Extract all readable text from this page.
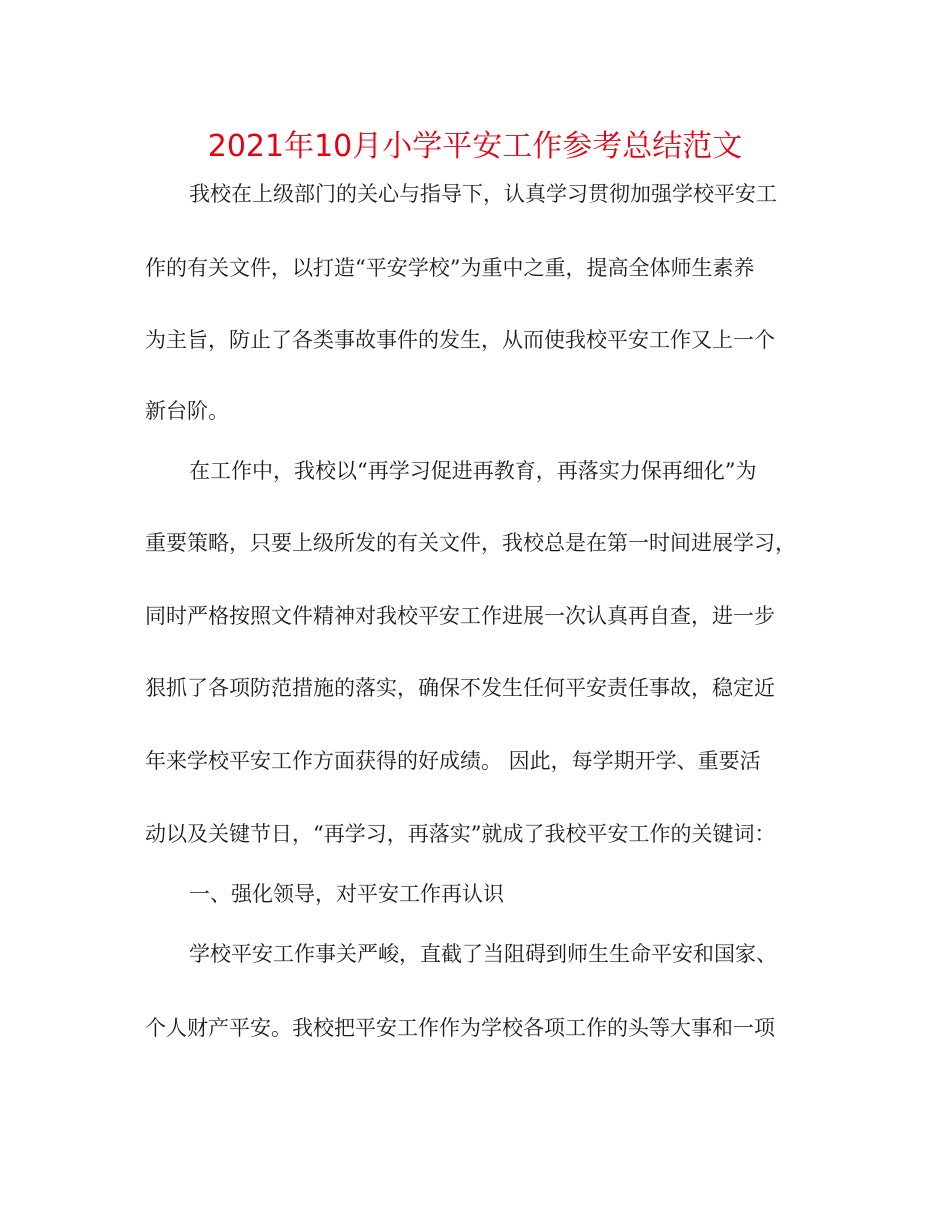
2021年10月小学平安工作参考总结范文
我校在上级部门的关心与指导下，认真学习贯彻加强学校平安工
作的有关文件，以打造“平安学校”为重中之重，提高全体师生素养
为主旨，防止了各类事故事件的发生，从而使我校平安工作又上一个
新台阶。
在工作中，我校以“再学习促进再教育，再落实力保再细化”为
重要策略，只要上级所发的有关文件，我校总是在第一时间进展学习，
同时严格按照文件精神对我校平安工作进展一次认真再自查，进一步
狠抓了各项防范措施的落实，确保不发生任何平安责任事故，稳定近
年来学校平安工作方面获得的好成绩。 因此，每学期开学、重要活
动以及关键节日，“再学习，再落实”就成了我校平安工作的关键词：
一、强化领导，对平安工作再认识
学校平安工作事关严峻，直截了当阻碍到师生生命平安和国家、
个人财产平安。我校把平安工作作为学校各项工作的头等大事和一项
